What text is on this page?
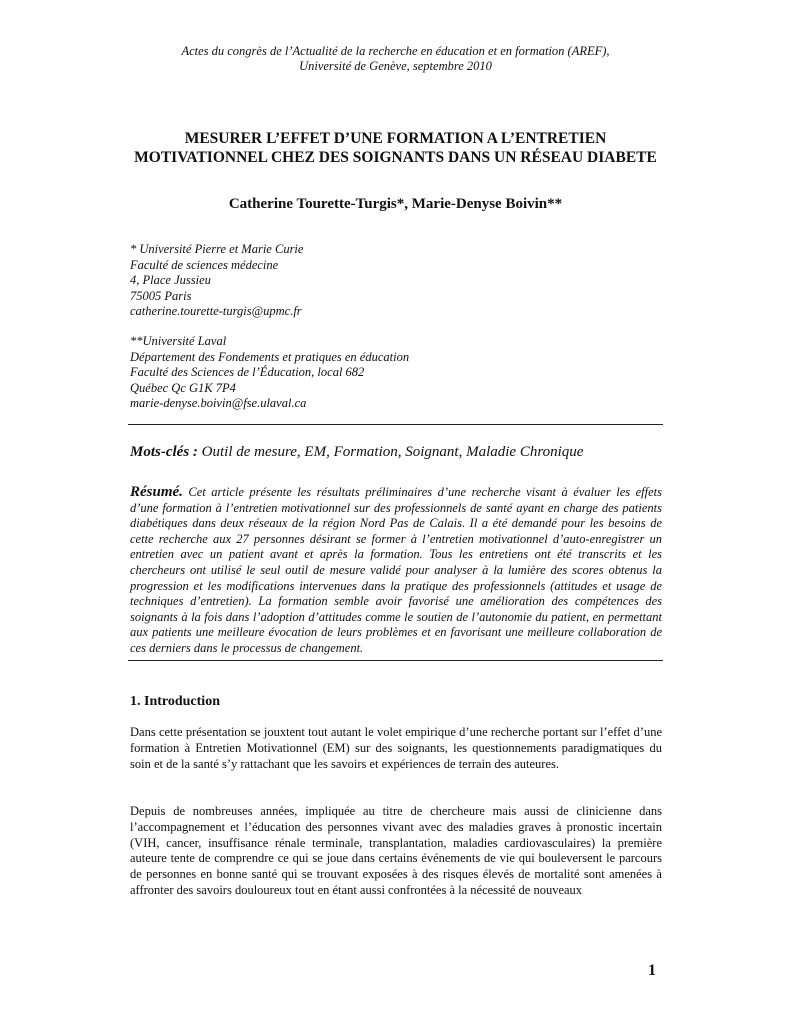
Actes du congrès de l’Actualité de la recherche en éducation et en formation (AREF),
Université de Genève, septembre 2010
MESURER L’EFFET D’UNE FORMATION A L’ENTRETIEN
MOTIVATIONNEL CHEZ DES SOIGNANTS DANS UN RÉSEAU DIABETE
Catherine Tourette-Turgis*, Marie-Denyse Boivin**
* Université Pierre et Marie Curie
Faculté de sciences médecine
4, Place Jussieu
75005 Paris
catherine.tourette-turgis@upmc.fr
**Université Laval
Département des Fondements et pratiques en éducation
Faculté des Sciences de l’Éducation, local 682
Québec Qc G1K 7P4
marie-denyse.boivin@fse.ulaval.ca
Mots-clés : Outil de mesure, EM, Formation, Soignant, Maladie Chronique
Résumé. Cet article présente les résultats préliminaires d’une recherche visant à évaluer les effets d’une formation à l’entretien motivationnel sur des professionnels de santé ayant en charge des patients diabétiques dans deux réseaux de la région Nord Pas de Calais. Il a été demandé pour les besoins de cette recherche aux 27 personnes désirant se former à l’entretien motivationnel d’auto-enregistrer un entretien avec un patient avant et après la formation. Tous les entretiens ont été transcrits et les chercheurs ont utilisé le seul outil de mesure validé pour analyser à la lumière des scores obtenus la progression et les modifications intervenues dans la pratique des professionnels (attitudes et usage de techniques d’entretien). La formation semble avoir favorisé une amélioration des compétences des soignants à la fois dans l’adoption d’attitudes comme le soutien de l’autonomie du patient, en permettant aux patients une meilleure évocation de leurs problèmes et en favorisant une meilleure collaboration de ces derniers dans le processus de changement.
1. Introduction
Dans cette présentation se jouxtent tout autant le volet empirique d’une recherche portant sur l’effet d’une formation à Entretien Motivationnel (EM) sur des soignants, les questionnements paradigmatiques du soin et de la santé s’y rattachant que les savoirs et expériences de terrain des auteures.
Depuis de nombreuses années, impliquée au titre de chercheure mais aussi de clinicienne dans l’accompagnement et l’éducation des personnes vivant avec des maladies graves à pronostic incertain (VIH, cancer, insuffisance rénale terminale, transplantation, maladies cardiovasculaires) la première auteure tente de comprendre ce qui se joue dans certains événements de vie qui bouleversent le parcours de personnes en bonne santé qui se trouvant exposées à des risques élevés de mortalité sont amenées à affronter des savoirs douloureux tout en étant aussi confrontées à la nécessité de nouveaux
1
